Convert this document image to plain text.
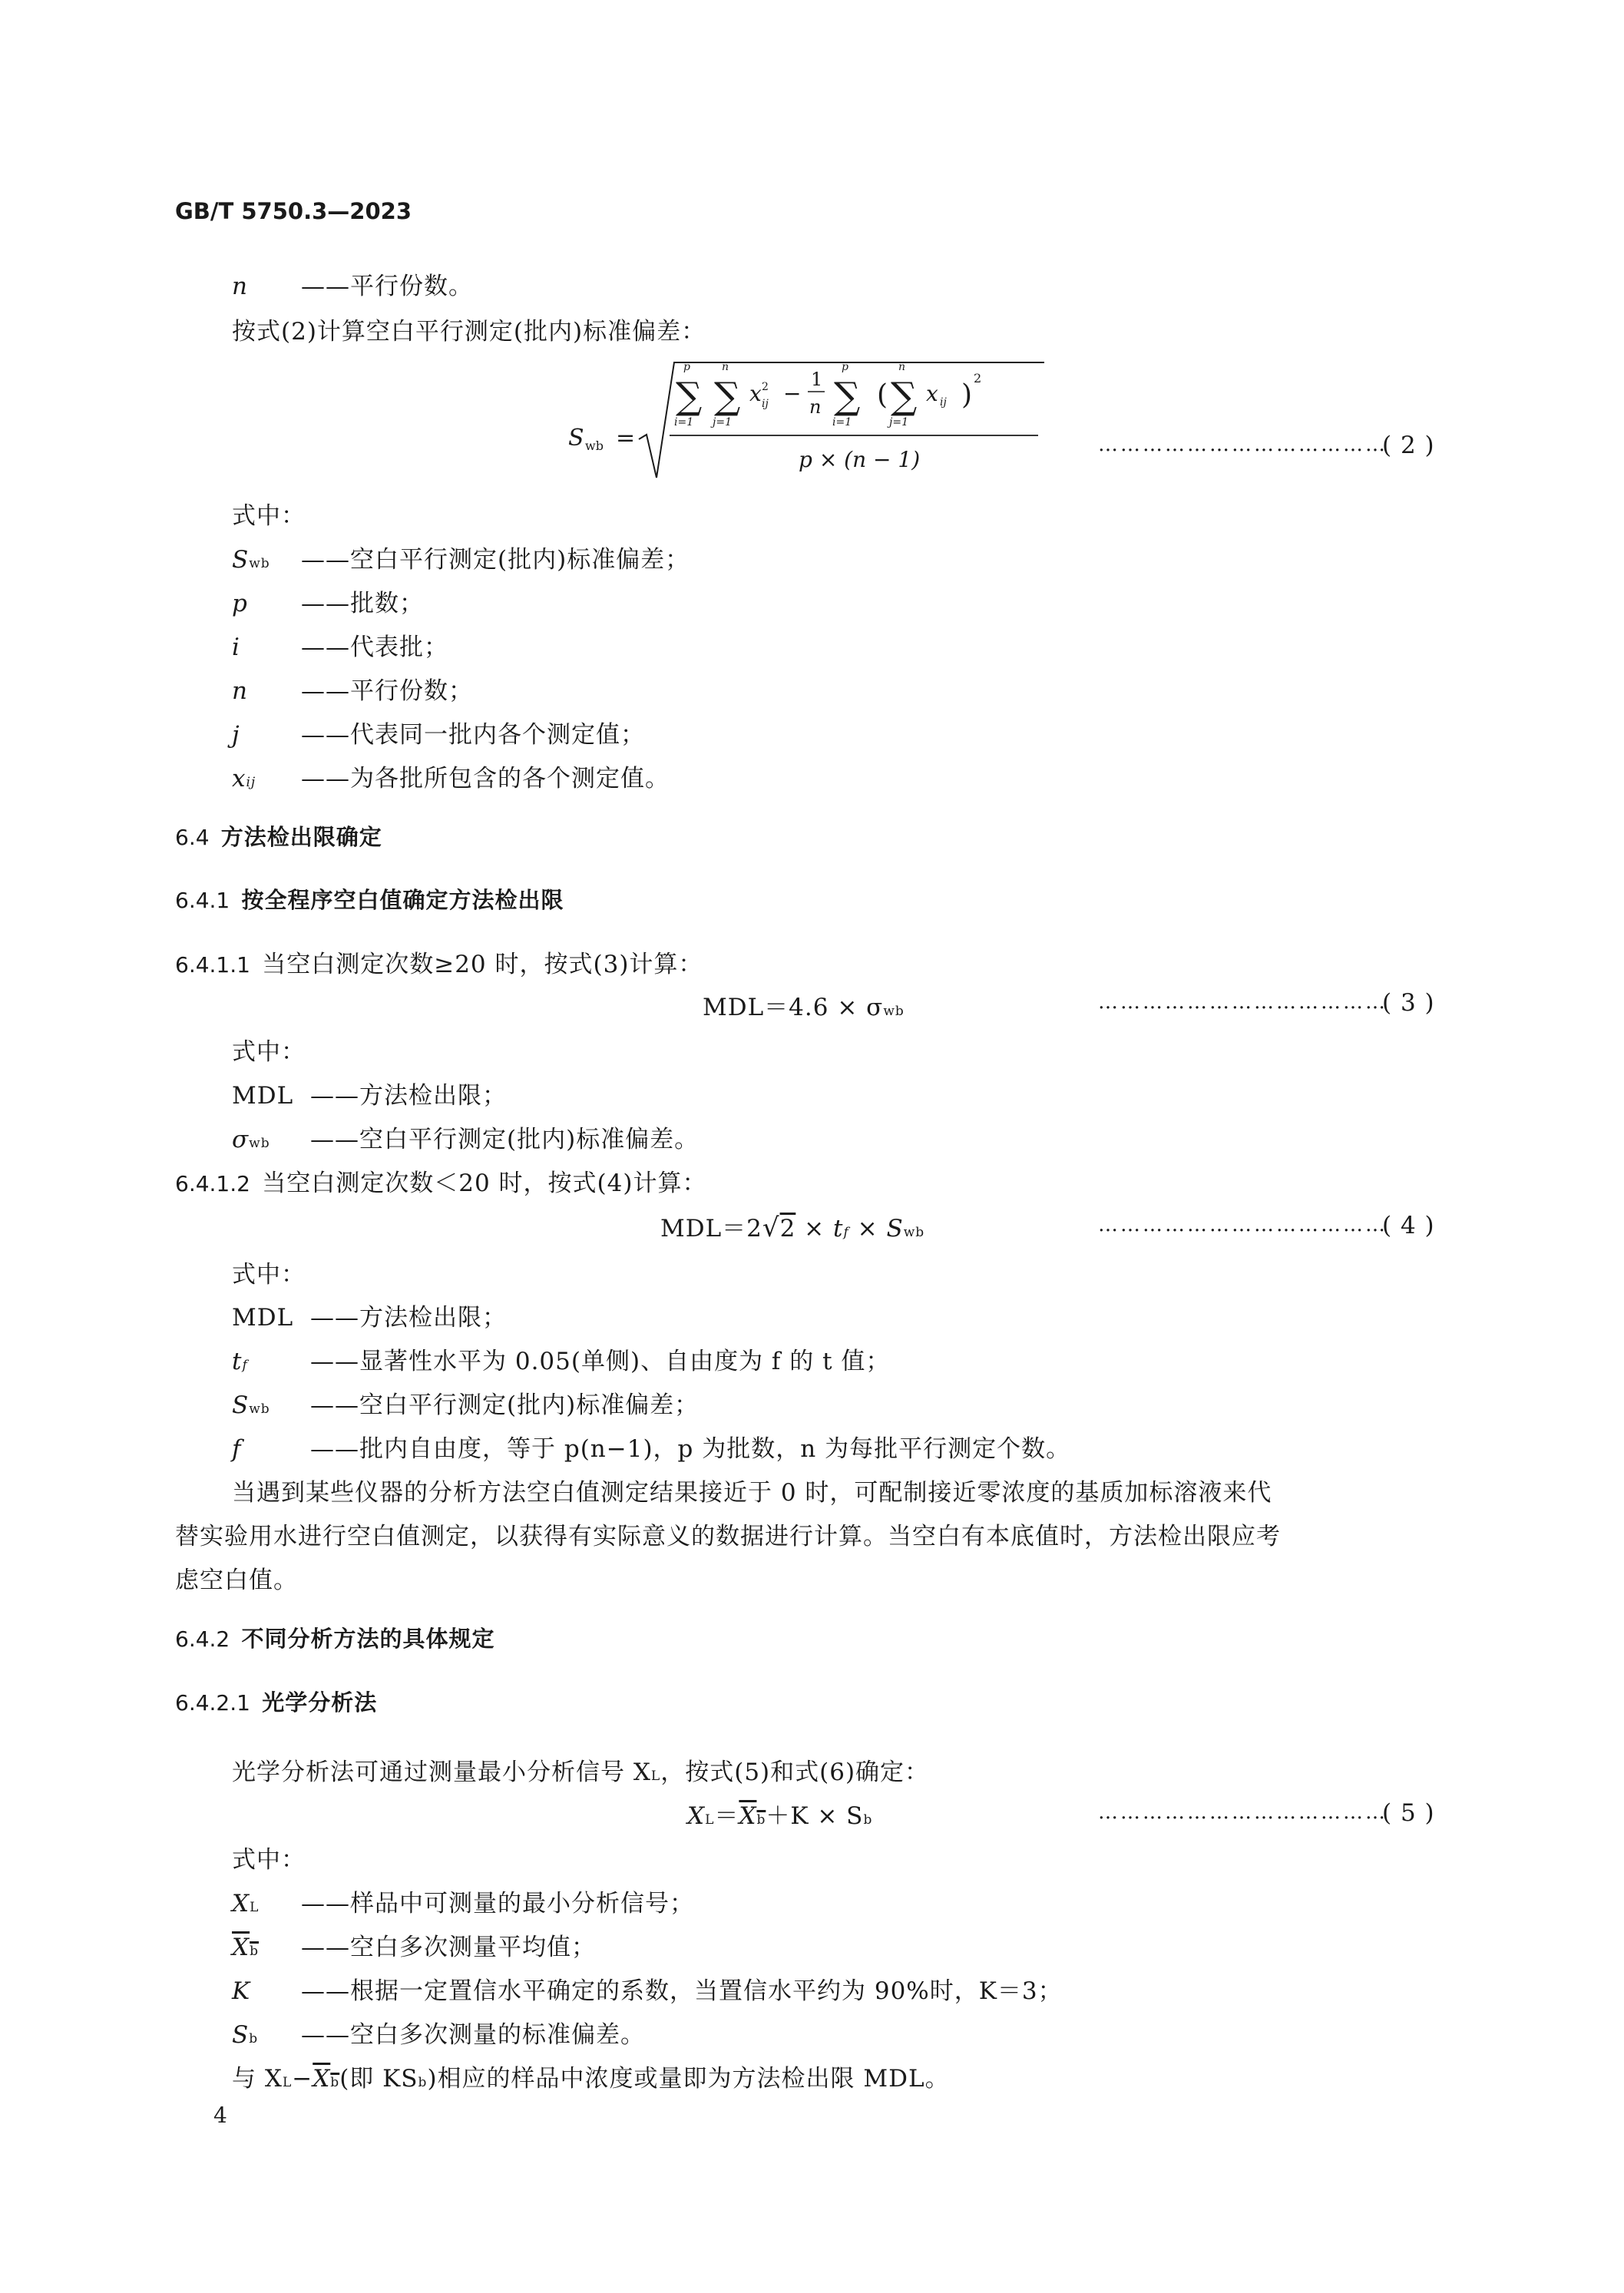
GB/T 5750.3—2023
n ——平行份数。
按式(2)计算空白平行测定(批内)标准偏差：
S wb =
p
∑
i=1
n
∑
j=1
x 2
ij −
1
n
p
∑
i=1
(
n
∑
j=1
x ij )
2
p × (n − 1)
…………………………………
( 2 )
式中：
Swb ——空白平行测定(批内)标准偏差；
p ——批数；
i	——代表批；
n ——平行份数；
j	——代表同一批内各个测定值；
xij ——为各批所包含的各个测定值。
6.4 方法检出限确定
6.4.1 按全程序空白值确定方法检出限
6.4.1.1 当空白测定次数≥20 时，按式(3)计算：
MDL＝4.6 × σwb	…………………………………
( 3 )
式中：
MDL ——方法检出限；
σwb ——空白平行测定(批内)标准偏差。
6.4.1.2 当空白测定次数＜20 时，按式(4)计算：
MDL＝2√2 × tf × Swb	…………………………………
( 4 )
式中：
MDL ——方法检出限；
tf	——显著性水平为 0.05(单侧)、自由度为 f 的 t 值；
Swb ——空白平行测定(批内)标准偏差；
f	——批内自由度，等于 p(n−1)，p 为批数，n 为每批平行测定个数。
当遇到某些仪器的分析方法空白值测定结果接近于 0 时，可配制接近零浓度的基质加标溶液来代
替实验用水进行空白值测定，以获得有实际意义的数据进行计算。当空白有本底值时，方法检出限应考
虑空白值。
6.4.2 不同分析方法的具体规定
6.4.2.1 光学分析法
光学分析法可通过测量最小分析信号 XL，按式(5)和式(6)确定：
XL＝Xb＋K × Sb	…………………………………
( 5 )
式中：
XL ——样品中可测量的最小分析信号；
Xb ——空白多次测量平均值；
K ——根据一定置信水平确定的系数，当置信水平约为 90%时，K＝3；
Sb ——空白多次测量的标准偏差。
与 XL−Xb(即 KSb)相应的样品中浓度或量即为方法检出限 MDL。
4
